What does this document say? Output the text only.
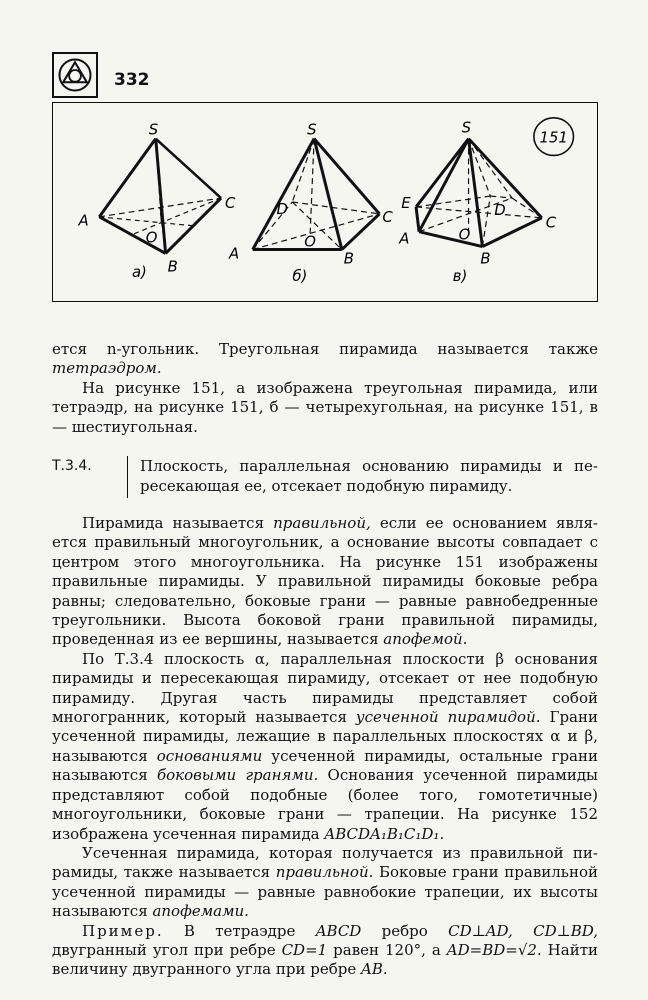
332
151
S
A
B
C
O
а)
S
A	B
C
D
O
б)
S
A
B
C
D
E
O
в)

ется n-угольник. Треугольная пирамида называется также тетраэдром.

На рисунке 151, а изображена треугольная пирамида, или тетраэдр, на рисунке 151, б — четырехугольная, на рисунке 151, в — шестиугольная.

Т.3.4.	Плоскость, параллельная основанию пирамиды и пересекающая ее, отсекает подобную пирамиду.

Пирамида называется правильной, если ее основанием является правильный многоугольник, а основание высоты совпадает с центром этого многоугольника. На рисунке 151 изображены правильные пирамиды. У правильной пирамиды боковые ребра равны; следовательно, боковые грани — равные равнобедренные треугольники. Высота боковой грани правильной пирамиды, проведенная из ее вершины, называется апофемой.

По Т.3.4 плоскость α, параллельная плоскости β основания пирамиды и пересекающая пирамиду, отсекает от нее подобную пирамиду. Другая часть пирамиды представляет собой многогранник, который называется усеченной пирамидой. Грани усеченной пирамиды, лежащие в параллельных плоскостях α и β, называются основаниями усеченной пирамиды, остальные грани называются боковыми гранями. Основания усеченной пирамиды представляют собой подобные (более того, гомотетичные) многоугольники, боковые грани — трапеции. На рисунке 152 изображена усеченная пирамида ABCDA₁B₁C₁D₁.

Усеченная пирамида, которая получается из правильной пирамиды, также называется правильной. Боковые грани правильной усеченной пирамиды — равные равнобокие трапеции, их высоты называются апофемами.

Пример. В тетраэдре ABCD ребро CD⊥AD, CD⊥BD, двугранный угол при ребре CD=1 равен 120°, а AD=BD=√2. Найти величину двугранного угла при ребре AB.
